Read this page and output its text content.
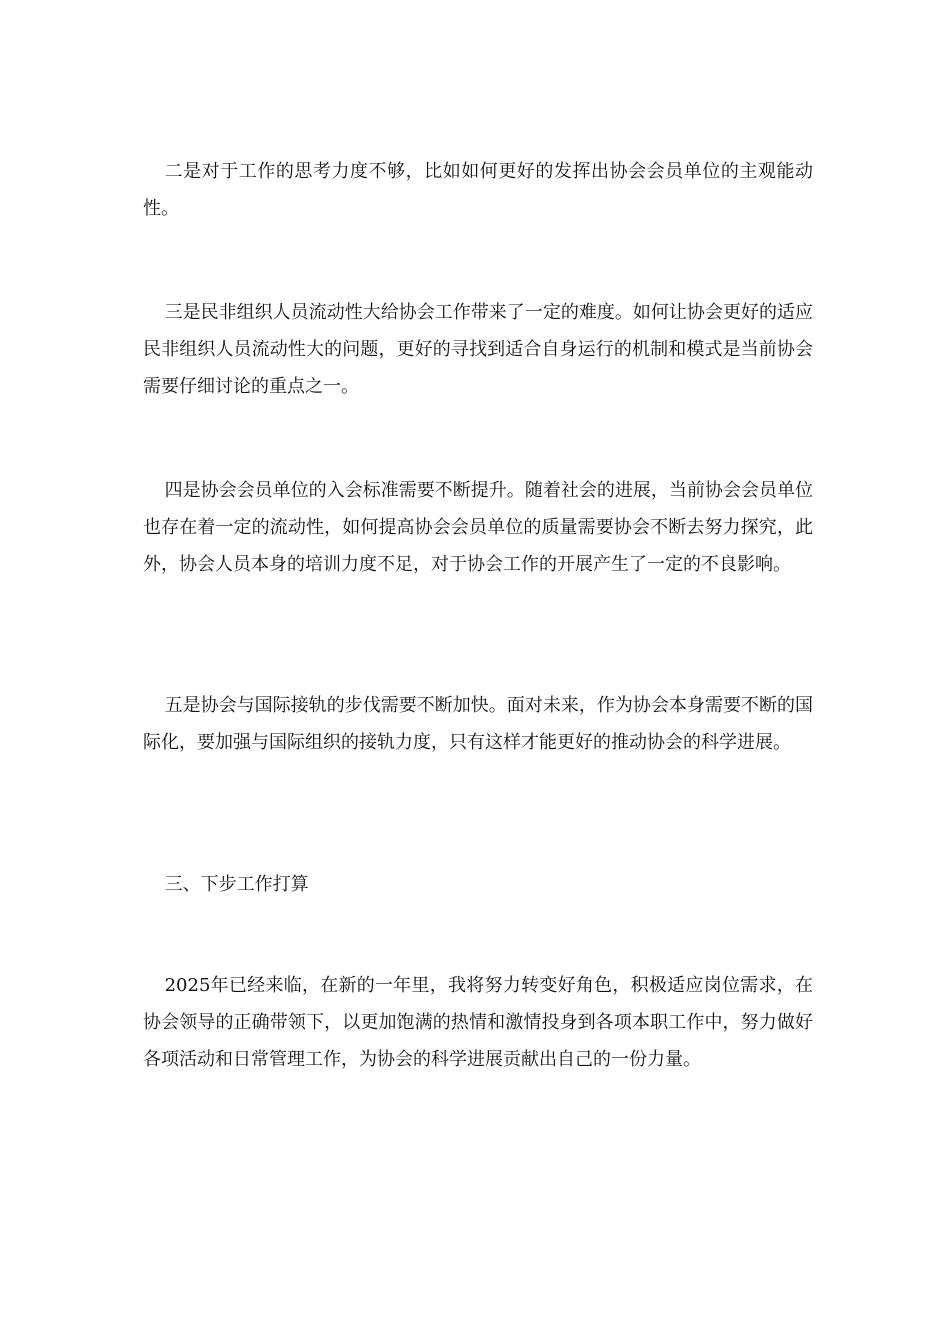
二是对于工作的思考力度不够，比如如何更好的发挥出协会会员单位的主观能动性。

三是民非组织人员流动性大给协会工作带来了一定的难度。如何让协会更好的适应民非组织人员流动性大的问题，更好的寻找到适合自身运行的机制和模式是当前协会需要仔细讨论的重点之一。

四是协会会员单位的入会标准需要不断提升。随着社会的进展，当前协会会员单位也存在着一定的流动性，如何提高协会会员单位的质量需要协会不断去努力探究，此外，协会人员本身的培训力度不足，对于协会工作的开展产生了一定的不良影响。

五是协会与国际接轨的步伐需要不断加快。面对未来，作为协会本身需要不断的国际化，要加强与国际组织的接轨力度，只有这样才能更好的推动协会的科学进展。

三、下步工作打算

2025年已经来临，在新的一年里，我将努力转变好角色，积极适应岗位需求，在协会领导的正确带领下，以更加饱满的热情和激情投身到各项本职工作中，努力做好各项活动和日常管理工作，为协会的科学进展贡献出自己的一份力量。
